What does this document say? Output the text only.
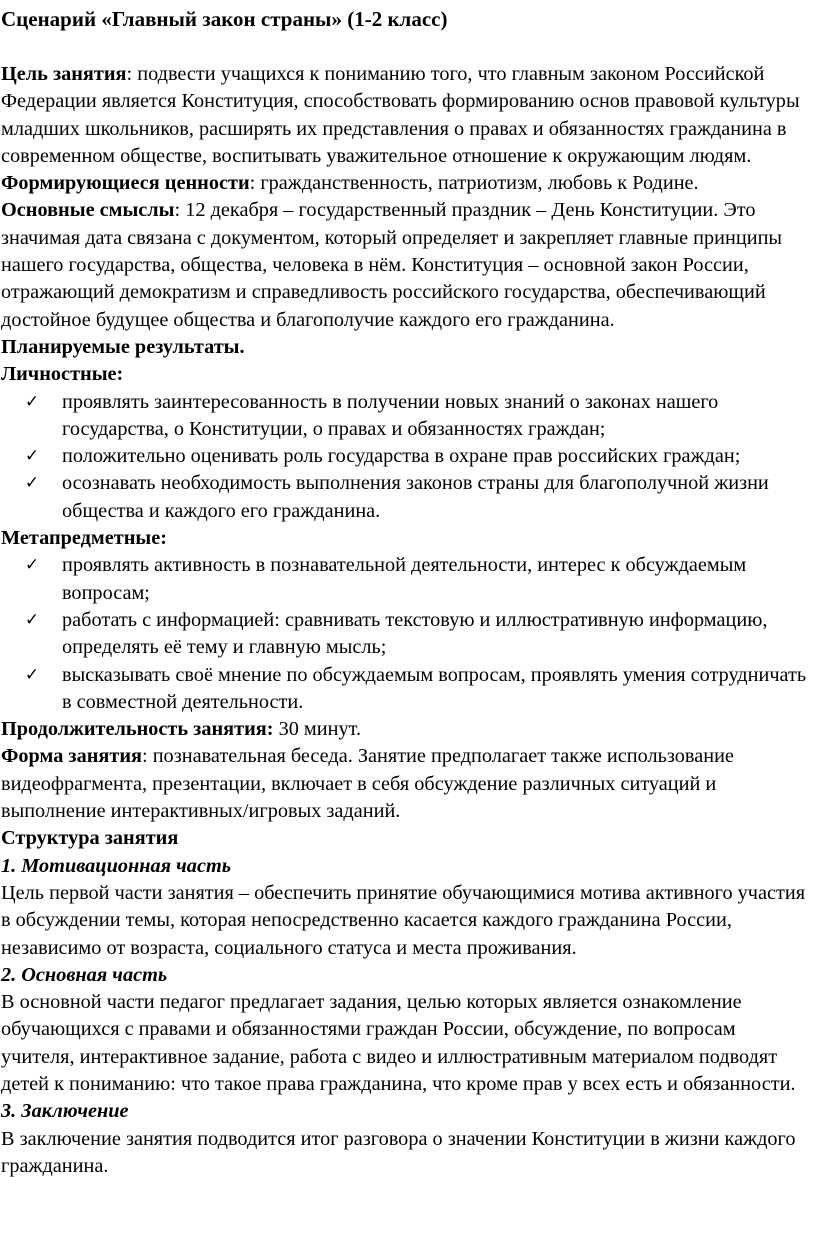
Сценарий «Главный закон страны» (1-2 класс)

Цель занятия: подвести учащихся к пониманию того, что главным законом Российской Федерации является Конституция, способствовать формированию основ правовой культуры младших школьников, расширять их представления о правах и обязанностях гражданина в современном обществе, воспитывать уважительное отношение к окружающим людям.

Формирующиеся ценности: гражданственность, патриотизм, любовь к Родине.

Основные смыслы: 12 декабря – государственный праздник – День Конституции. Это значимая дата связана с документом, который определяет и закрепляет главные принципы нашего государства, общества, человека в нём. Конституция – основной закон России, отражающий демократизм и справедливость российского государства, обеспечивающий достойное будущее общества и благополучие каждого его гражданина.

Планируемые результаты.

Личностные:

✓ проявлять заинтересованность в получении новых знаний о законах нашего государства, о Конституции, о правах и обязанностях граждан;
✓ положительно оценивать роль государства в охране прав российских граждан;
✓ осознавать необходимость выполнения законов страны для благополучной жизни общества и каждого его гражданина.

Метапредметные:

✓ проявлять активность в познавательной деятельности, интерес к обсуждаемым вопросам;
✓ работать с информацией: сравнивать текстовую и иллюстративную информацию, определять её тему и главную мысль;
✓ высказывать своё мнение по обсуждаемым вопросам, проявлять умения сотрудничать в совместной деятельности.

Продолжительность занятия: 30 минут.

Форма занятия: познавательная беседа. Занятие предполагает также использование видеофрагмента, презентации, включает в себя обсуждение различных ситуаций и выполнение интерактивных/игровых заданий.

Структура занятия

1. Мотивационная часть

Цель первой части занятия – обеспечить принятие обучающимися мотива активного участия в обсуждении темы, которая непосредственно касается каждого гражданина России, независимо от возраста, социального статуса и места проживания.

2. Основная часть

В основной части педагог предлагает задания, целью которых является ознакомление обучающихся с правами и обязанностями граждан России, обсуждение, по вопросам учителя, интерактивное задание, работа с видео и иллюстративным материалом подводят детей к пониманию: что такое права гражданина, что кроме прав у всех есть и обязанности.

3. Заключение

В заключение занятия подводится итог разговора о значении Конституции в жизни каждого гражданина.
